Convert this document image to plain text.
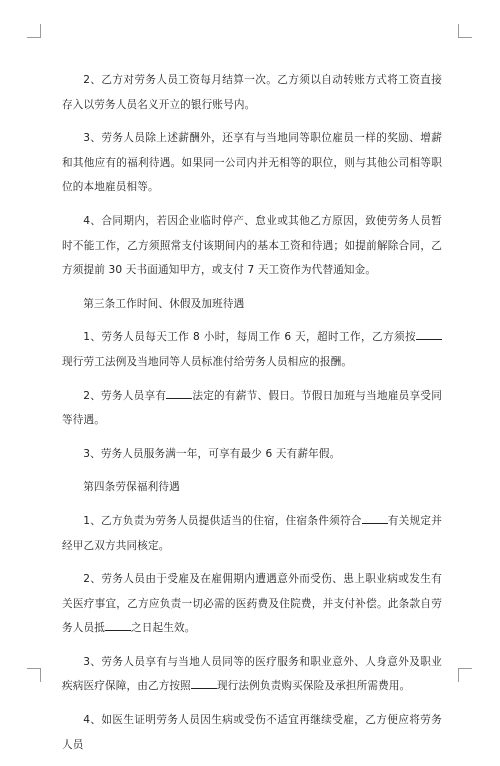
2、乙方对劳务人员工资每月结算一次。乙方须以自动转账方式将工资直接存入以劳务人员名义开立的银行账号内。

3、劳务人员除上述薪酬外，还享有与当地同等职位雇员一样的奖励、增薪和其他应有的福利待遇。如果同一公司内并无相等的职位，则与其他公司相等职位的本地雇员相等。

4、合同期内，若因企业临时停产、怠业或其他乙方原因，致使劳务人员暂时不能工作，乙方须照常支付该期间内的基本工资和待遇；如提前解除合同，乙方须提前 30 天书面通知甲方，或支付 7 天工资作为代替通知金。

第三条工作时间、休假及加班待遇

1、劳务人员每天工作 8 小时，每周工作 6 天，超时工作，乙方须按现行劳工法例及当地同等人员标准付给劳务人员相应的报酬。

2、劳务人员享有 法定的有薪节、假日。节假日加班与当地雇员享受同等待遇。

3、劳务人员服务满一年，可享有最少 6 天有薪年假。

第四条劳保福利待遇

1、乙方负责为劳务人员提供适当的住宿，住宿条件须符合 有关规定并经甲乙双方共同核定。

2、劳务人员由于受雇及在雇佣期内遭遇意外而受伤、患上职业病或发生有关医疗事宜，乙方应负责一切必需的医药费及住院费，并支付补偿。此条款自劳务人员抵 之日起生效。

3、劳务人员享有与当地人员同等的医疗服务和职业意外、人身意外及职业疾病医疗保障，由乙方按照 现行法例负责购买保险及承担所需费用。

4、如医生证明劳务人员因生病或受伤不适宜再继续受雇，乙方便应将劳务人员
